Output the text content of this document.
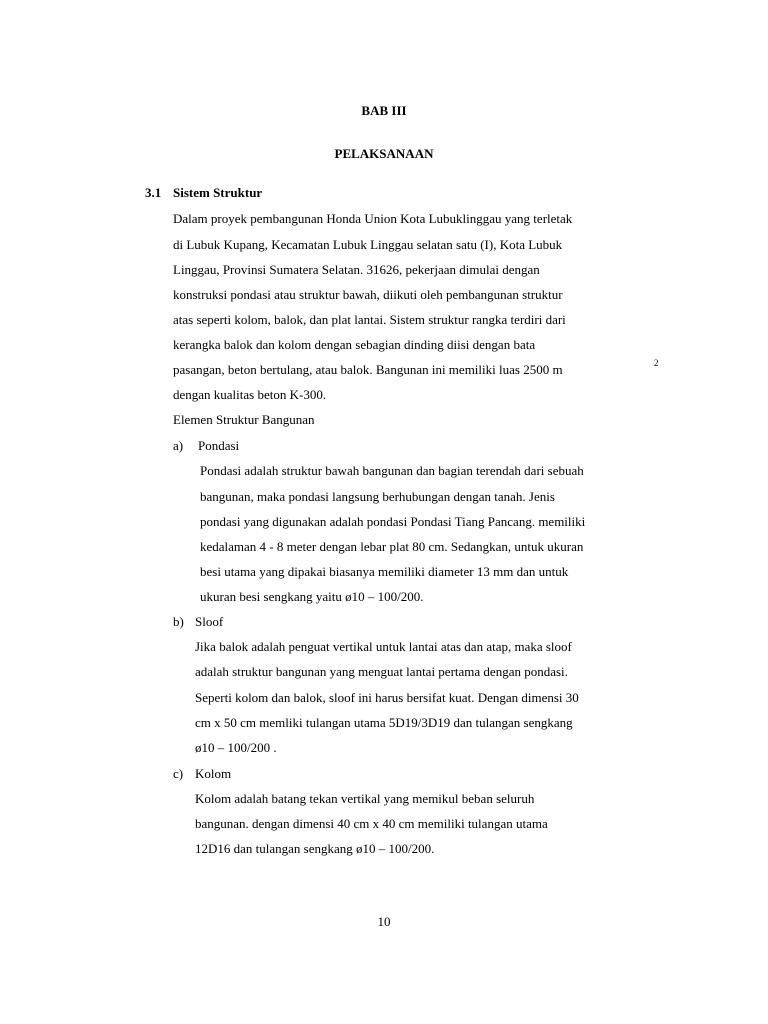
BAB III
PELAKSANAAN
3.1 Sistem Struktur
Dalam proyek pembangunan Honda Union Kota Lubuklinggau yang terletak
di Lubuk Kupang, Kecamatan Lubuk Linggau selatan satu (I), Kota Lubuk
Linggau, Provinsi Sumatera Selatan. 31626, pekerjaan dimulai dengan
konstruksi pondasi atau struktur bawah, diikuti oleh pembangunan struktur
atas seperti kolom, balok, dan plat lantai. Sistem struktur rangka terdiri dari
kerangka balok dan kolom dengan sebagian dinding diisi dengan bata
pasangan, beton bertulang, atau balok. Bangunan ini memiliki luas 2500 m	2
dengan kualitas beton K-300.
Elemen Struktur Bangunan
a) Pondasi
Pondasi adalah struktur bawah bangunan dan bagian terendah dari sebuah
bangunan, maka pondasi langsung berhubungan dengan tanah. Jenis
pondasi yang digunakan adalah pondasi Pondasi Tiang Pancang. memiliki
kedalaman 4 - 8 meter dengan lebar plat 80 cm. Sedangkan, untuk ukuran
besi utama yang dipakai biasanya memiliki diameter 13 mm dan untuk
ukuran besi sengkang yaitu ø10 – 100/200.
b) Sloof
Jika balok adalah penguat vertikal untuk lantai atas dan atap, maka sloof
adalah struktur bangunan yang menguat lantai pertama dengan pondasi.
Seperti kolom dan balok, sloof ini harus bersifat kuat. Dengan dimensi 30
cm x 50 cm memliki tulangan utama 5D19/3D19 dan tulangan sengkang
ø10 – 100/200 .
c) Kolom
Kolom adalah batang tekan vertikal yang memikul beban seluruh
bangunan. dengan dimensi 40 cm x 40 cm memiliki tulangan utama
12D16 dan tulangan sengkang ø10 – 100/200.
10
